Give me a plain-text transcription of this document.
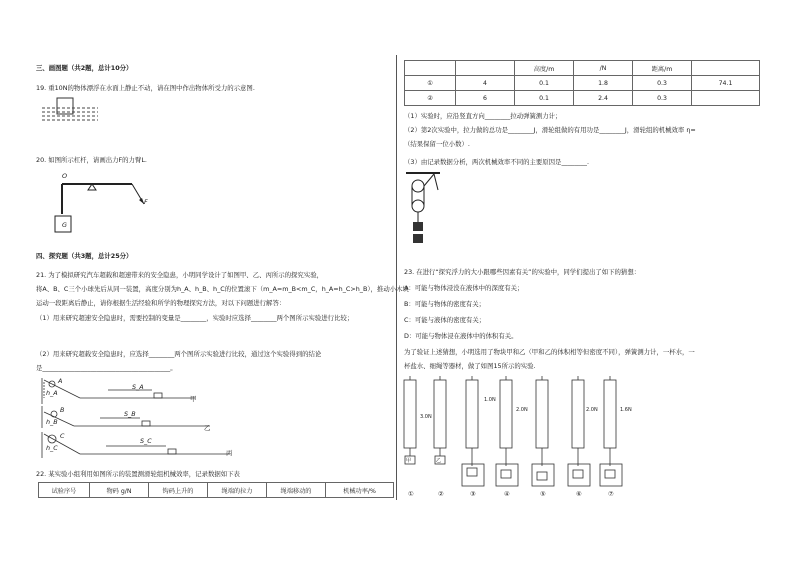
三、画图题（共2题，总计10分）
19. 重10N的物体漂浮在水面上静止不动，请在图中作出物体所受力的示意图.
20. 如图所示杠杆，请画出力F的力臂L.
O
G
F
四、探究题（共3题，总计25分）
21. 为了模拟研究汽车超载和超速带来的安全隐患，小明同学设计了如图甲、乙、丙所示的探究实验，
将A、B、C三个小球先后从同一装置，高度分别为h_A、h_B、h_C的位置滚下（m_A=m_B<m_C，h_A=h_C>h_B），推动小木块
运动一段距离后静止，请你根据生活经验和所学的物理探究方法，对以下问题进行解答：
（1）用来研究超速安全隐患时，需要控制的变量是________，实验时应选择________两个图所示实验进行比较；
（2）用来研究超载安全隐患时，应选择________两个图所示实验进行比较，通过这个实验得到的结论
是________________________________________。
A
h_A
S_A
甲
B
h_B
S_B
乙
C
h_C
S_C
丙
22. 某实验小组利用如图所示的装置测滑轮组机械效率，记录数据如下表
试验序号	物码 g/N	钩码上升的	绳端的拉力	绳端移动的	机械功率/%
		高度/m	/N	距离/m	
①	4	0.1	1.8	0.3	74.1
②	6	0.1	2.4	0.3	
（1）实验时，应沿竖直方向________拉动弹簧测力计；
（2）第2次实验中，拉力做的总功是________J，滑轮组做的有用功是________J，滑轮组的机械效率 η=
（结果保留一位小数）.
（3）由记录数据分析，两次机械效率不同的主要原因是________.
23. 在进行“探究浮力的大小跟哪些因素有关”的实验中，同学们提出了如下的猜想：
A：可能与物体浸没在液体中的深度有关；
B：可能与物体的密度有关；
C：可能与液体的密度有关；
D：可能与物体浸在液体中的体积有关。
为了验证上述猜想，小明选用了物块甲和乙（甲和乙的体积相等但密度不同），弹簧测力计，一杯水，一
杯盐水、细绳等器材，做了如图15所示的实验.
3.0N
1.0N
2.0N	2.0N	1.6N
甲	乙
①	②	③	④	⑤	⑥	⑦
